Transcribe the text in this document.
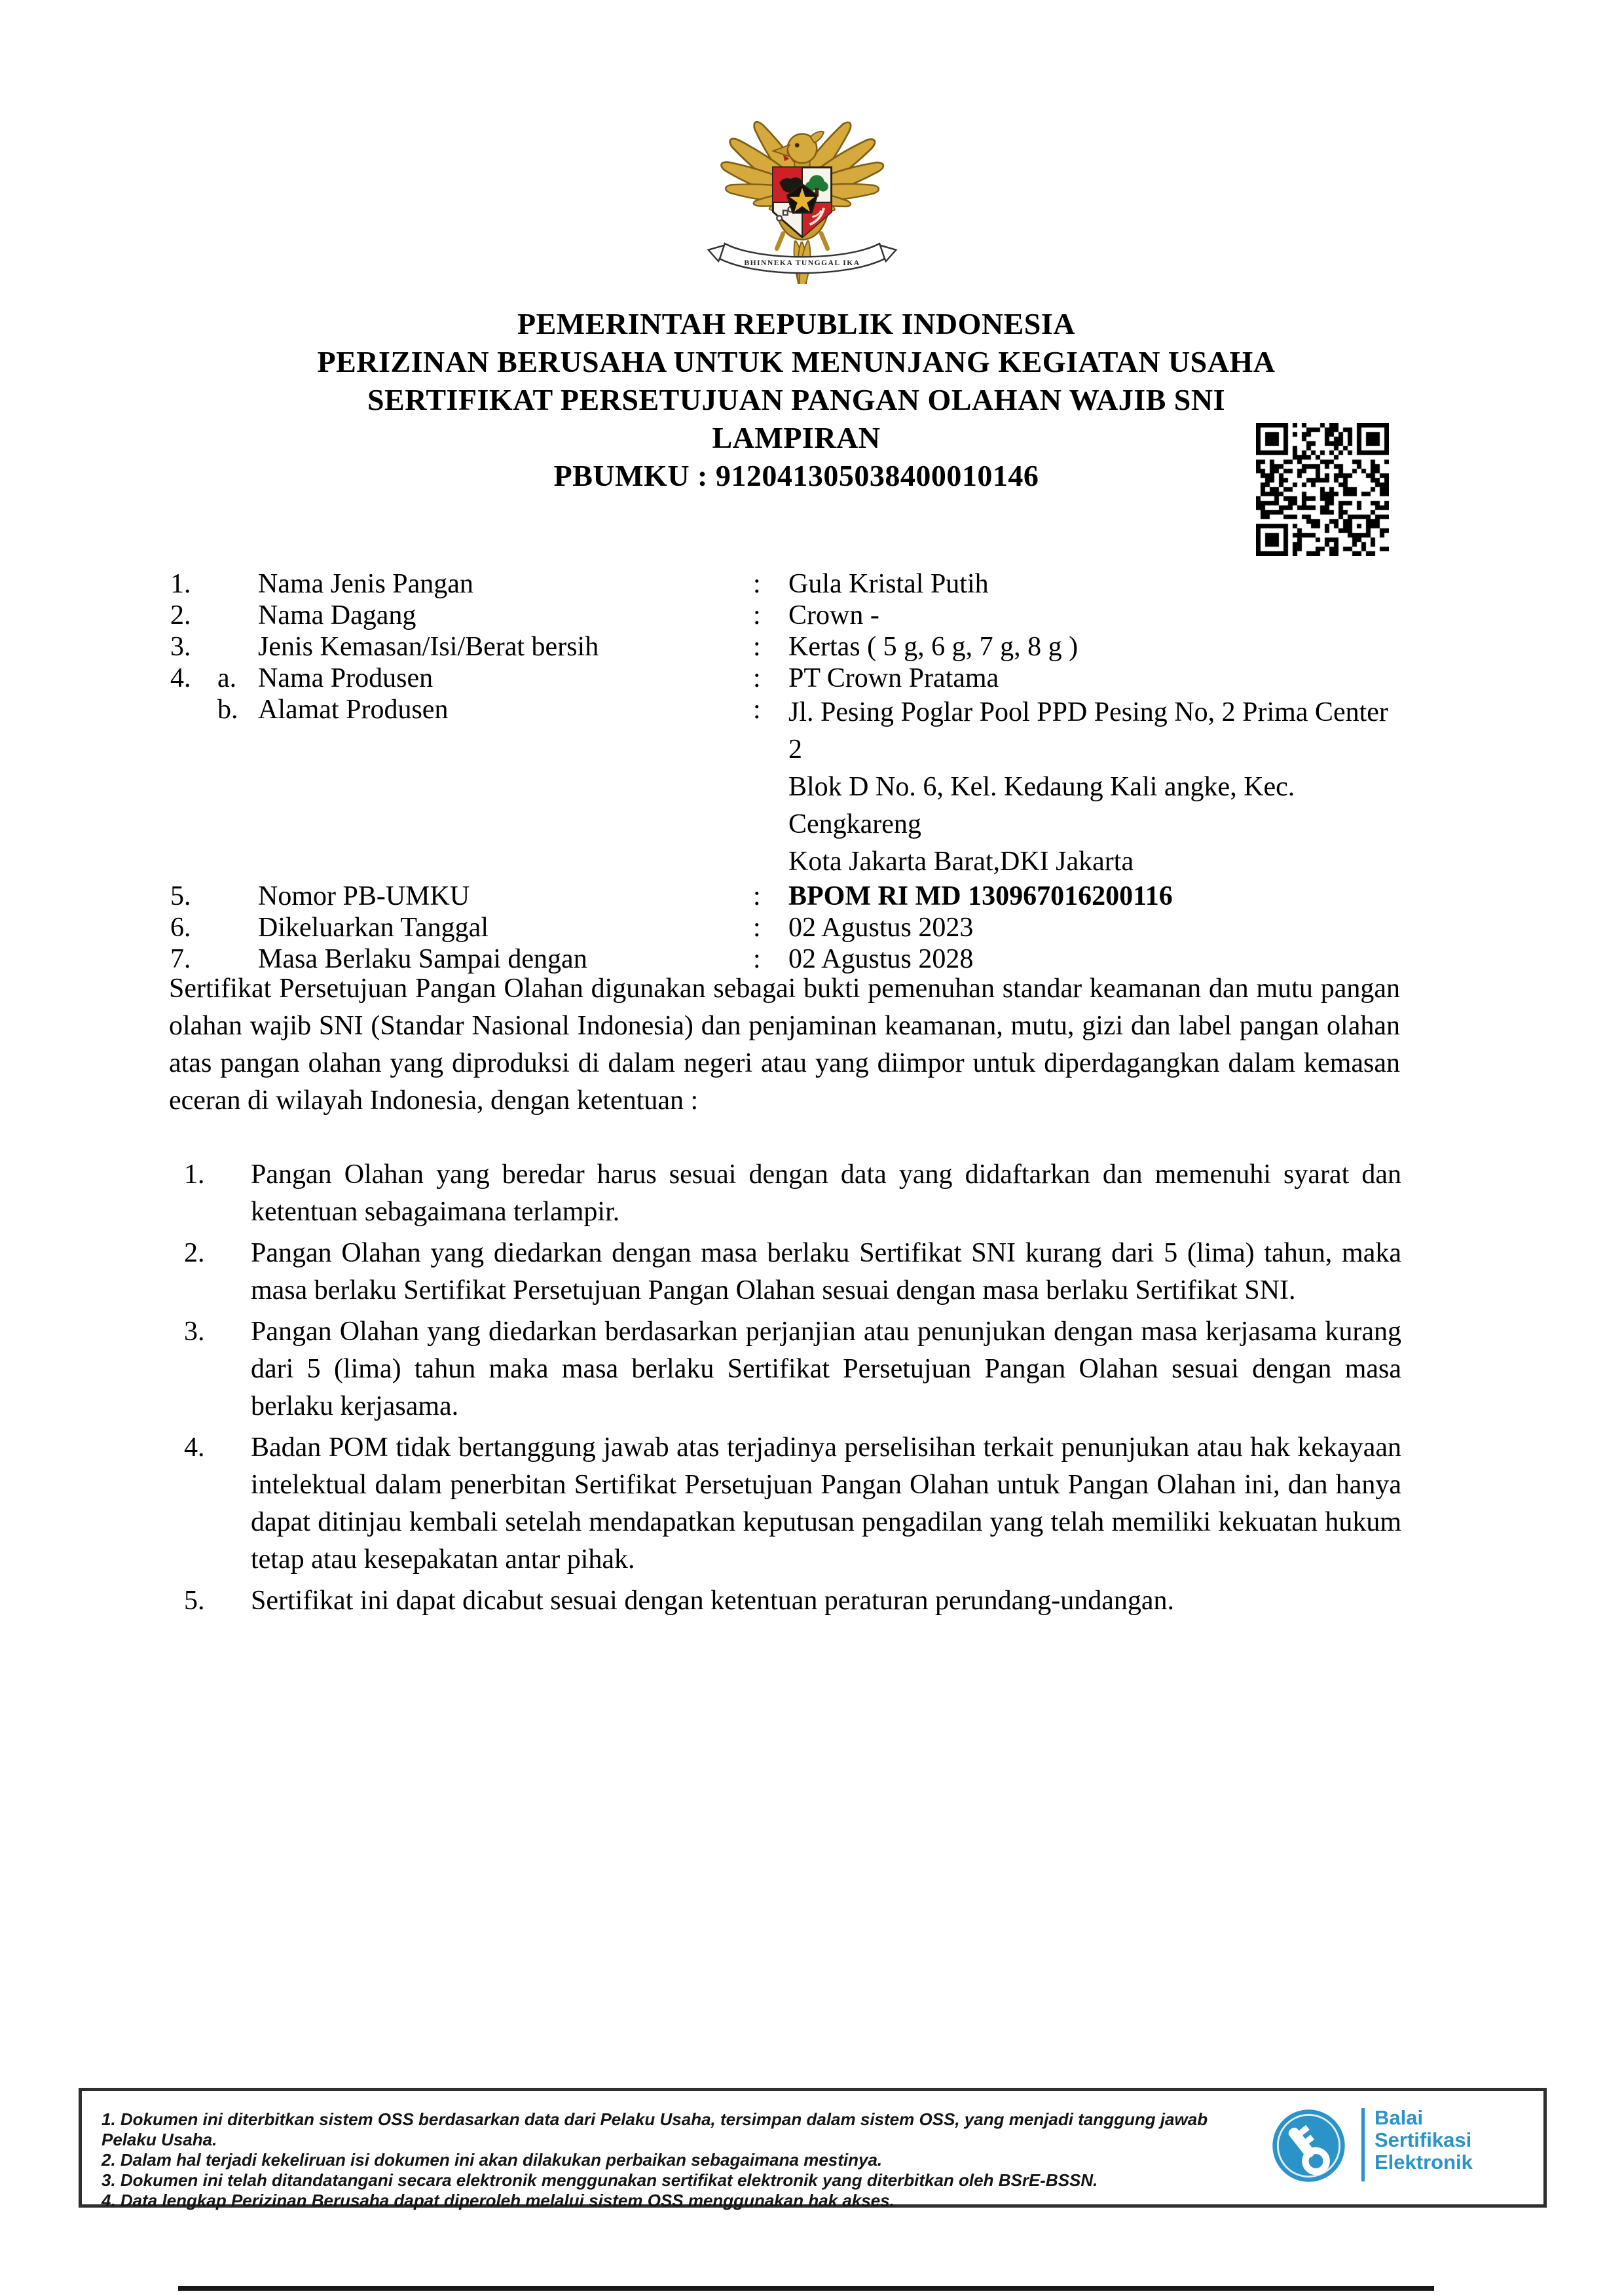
BHINNEKA TUNGGAL IKA
PEMERINTAH REPUBLIK INDONESIA
PERIZINAN BERUSAHA UNTUK MENUNJANG KEGIATAN USAHA
SERTIFIKAT PERSETUJUAN PANGAN OLAHAN WAJIB SNI
LAMPIRAN
PBUMKU : 912041305038400010146
1.	Nama Jenis Pangan	:	Gula Kristal Putih
2.	Nama Dagang	:	Crown -
3.	Jenis Kemasan/Isi/Berat bersih	:	Kertas ( 5 g, 6 g, 7 g, 8 g )
4. a. Nama Produsen	:	PT Crown Pratama
b. Alamat Produsen	:	Jl. Pesing Poglar Pool PPD Pesing No, 2 Prima Center 2
Blok D No. 6, Kel. Kedaung Kali angke, Kec.
Cengkareng
Kota Jakarta Barat,DKI Jakarta
5.	Nomor PB-UMKU	:	BPOM RI MD 130967016200116
6.	Dikeluarkan Tanggal	:	02 Agustus 2023
7.	Masa Berlaku Sampai dengan	:	02 Agustus 2028
Sertifikat Persetujuan Pangan Olahan digunakan sebagai bukti pemenuhan standar keamanan dan mutu pangan olahan wajib SNI (Standar Nasional Indonesia) dan penjaminan keamanan, mutu, gizi dan label pangan olahan atas pangan olahan yang diproduksi di dalam negeri atau yang diimpor untuk diperdagangkan dalam kemasan eceran di wilayah Indonesia, dengan ketentuan :
1.	Pangan Olahan yang beredar harus sesuai dengan data yang didaftarkan dan memenuhi syarat dan ketentuan sebagaimana terlampir.
2.	Pangan Olahan yang diedarkan dengan masa berlaku Sertifikat SNI kurang dari 5 (lima) tahun, maka masa berlaku Sertifikat Persetujuan Pangan Olahan sesuai dengan masa berlaku Sertifikat SNI.
3.	Pangan Olahan yang diedarkan berdasarkan perjanjian atau penunjukan dengan masa kerjasama kurang dari 5 (lima) tahun maka masa berlaku Sertifikat Persetujuan Pangan Olahan sesuai dengan masa berlaku kerjasama.
4.	Badan POM tidak bertanggung jawab atas terjadinya perselisihan terkait penunjukan atau hak kekayaan intelektual dalam penerbitan Sertifikat Persetujuan Pangan Olahan untuk Pangan Olahan ini, dan hanya dapat ditinjau kembali setelah mendapatkan keputusan pengadilan yang telah memiliki kekuatan hukum tetap atau kesepakatan antar pihak.
5.	Sertifikat ini dapat dicabut sesuai dengan ketentuan peraturan perundang-undangan.
1. Dokumen ini diterbitkan sistem OSS berdasarkan data dari Pelaku Usaha, tersimpan dalam sistem OSS, yang menjadi tanggung jawab Pelaku Usaha.
2. Dalam hal terjadi kekeliruan isi dokumen ini akan dilakukan perbaikan sebagaimana mestinya.
3. Dokumen ini telah ditandatangani secara elektronik menggunakan sertifikat elektronik yang diterbitkan oleh BSrE-BSSN.
4. Data lengkap Perizinan Berusaha dapat diperoleh melalui sistem OSS menggunakan hak akses.
Balai
Sertifikasi
Elektronik
